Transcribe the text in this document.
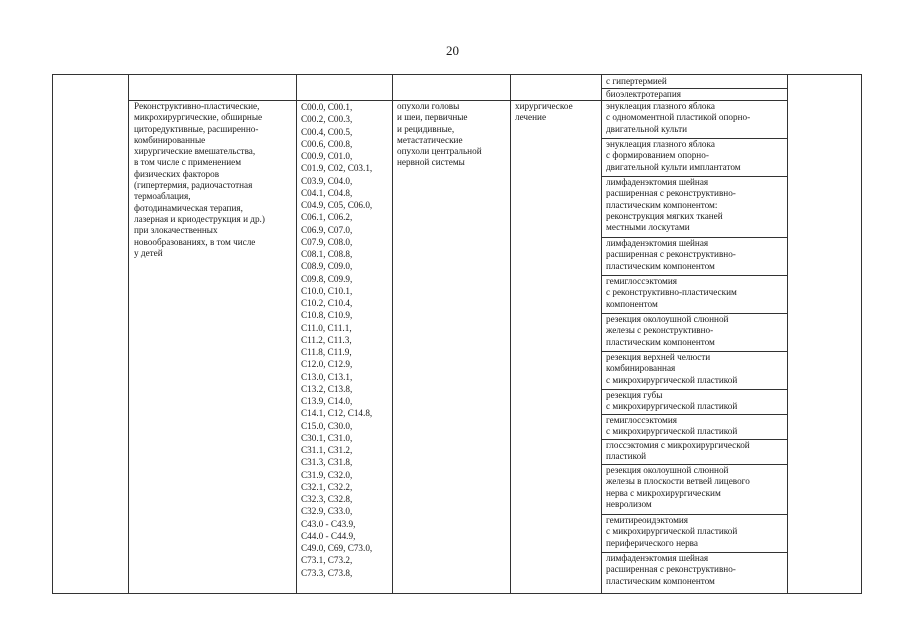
20
Реконструктивно-пластические,
микрохирургические, обширные
циторедуктивные, расширенно-
комбинированные
хирургические вмешательства,
в том числе с применением
физических факторов
(гипертермия, радиочастотная
термоаблация,
фотодинамическая терапия,
лазерная и криодеструкция и др.)
при злокачественных
новообразованиях, в том числе
у детей
C00.0, C00.1,
C00.2, C00.3,
C00.4, C00.5,
C00.6, C00.8,
C00.9, C01.0,
C01.9, C02, C03.1,
C03.9, C04.0,
C04.1, C04.8,
C04.9, C05, C06.0,
C06.1, C06.2,
C06.9, C07.0,
C07.9, C08.0,
C08.1, C08.8,
C08.9, C09.0,
C09.8, C09.9,
C10.0, C10.1,
C10.2, C10.4,
C10.8, C10.9,
C11.0, C11.1,
C11.2, C11.3,
C11.8, C11.9,
C12.0, C12.9,
C13.0, C13.1,
C13.2, C13.8,
C13.9, C14.0,
C14.1, C12, C14.8,
C15.0, C30.0,
C30.1, C31.0,
C31.1, C31.2,
C31.3, C31.8,
C31.9, C32.0,
C32.1, C32.2,
C32.3, C32.8,
C32.9, C33.0,
C43.0 - C43.9,
C44.0 - C44.9,
C49.0, C69, C73.0,
C73.1, C73.2,
C73.3, C73.8,
опухоли головы
и шеи, первичные
и рецидивные,
метастатические
опухоли центральной
нервной системы
хирургическое
лечение
с гипертермией
биоэлектротерапия
энуклеация глазного яблока
с одномоментной пластикой опорно-
двигательной культи
энуклеация глазного яблока
с формированием опорно-
двигательной культи имплантатом
лимфаденэктомия шейная
расширенная с реконструктивно-
пластическим компонентом:
реконструкция мягких тканей
местными лоскутами
лимфаденэктомия шейная
расширенная с реконструктивно-
пластическим компонентом
гемиглоссэктомия
с реконструктивно-пластическим
компонентом
резекция околоушной слюнной
железы с реконструктивно-
пластическим компонентом
резекция верхней челюсти
комбинированная
с микрохирургической пластикой
резекция губы
с микрохирургической пластикой
гемиглоссэктомия
с микрохирургической пластикой
глоссэктомия с микрохирургической
пластикой
резекция околоушной слюнной
железы в плоскости ветвей лицевого
нерва с микрохирургическим
невролизом
гемитиреоидэктомия
с микрохирургической пластикой
периферического нерва
лимфаденэктомия шейная
расширенная с реконструктивно-
пластическим компонентом
